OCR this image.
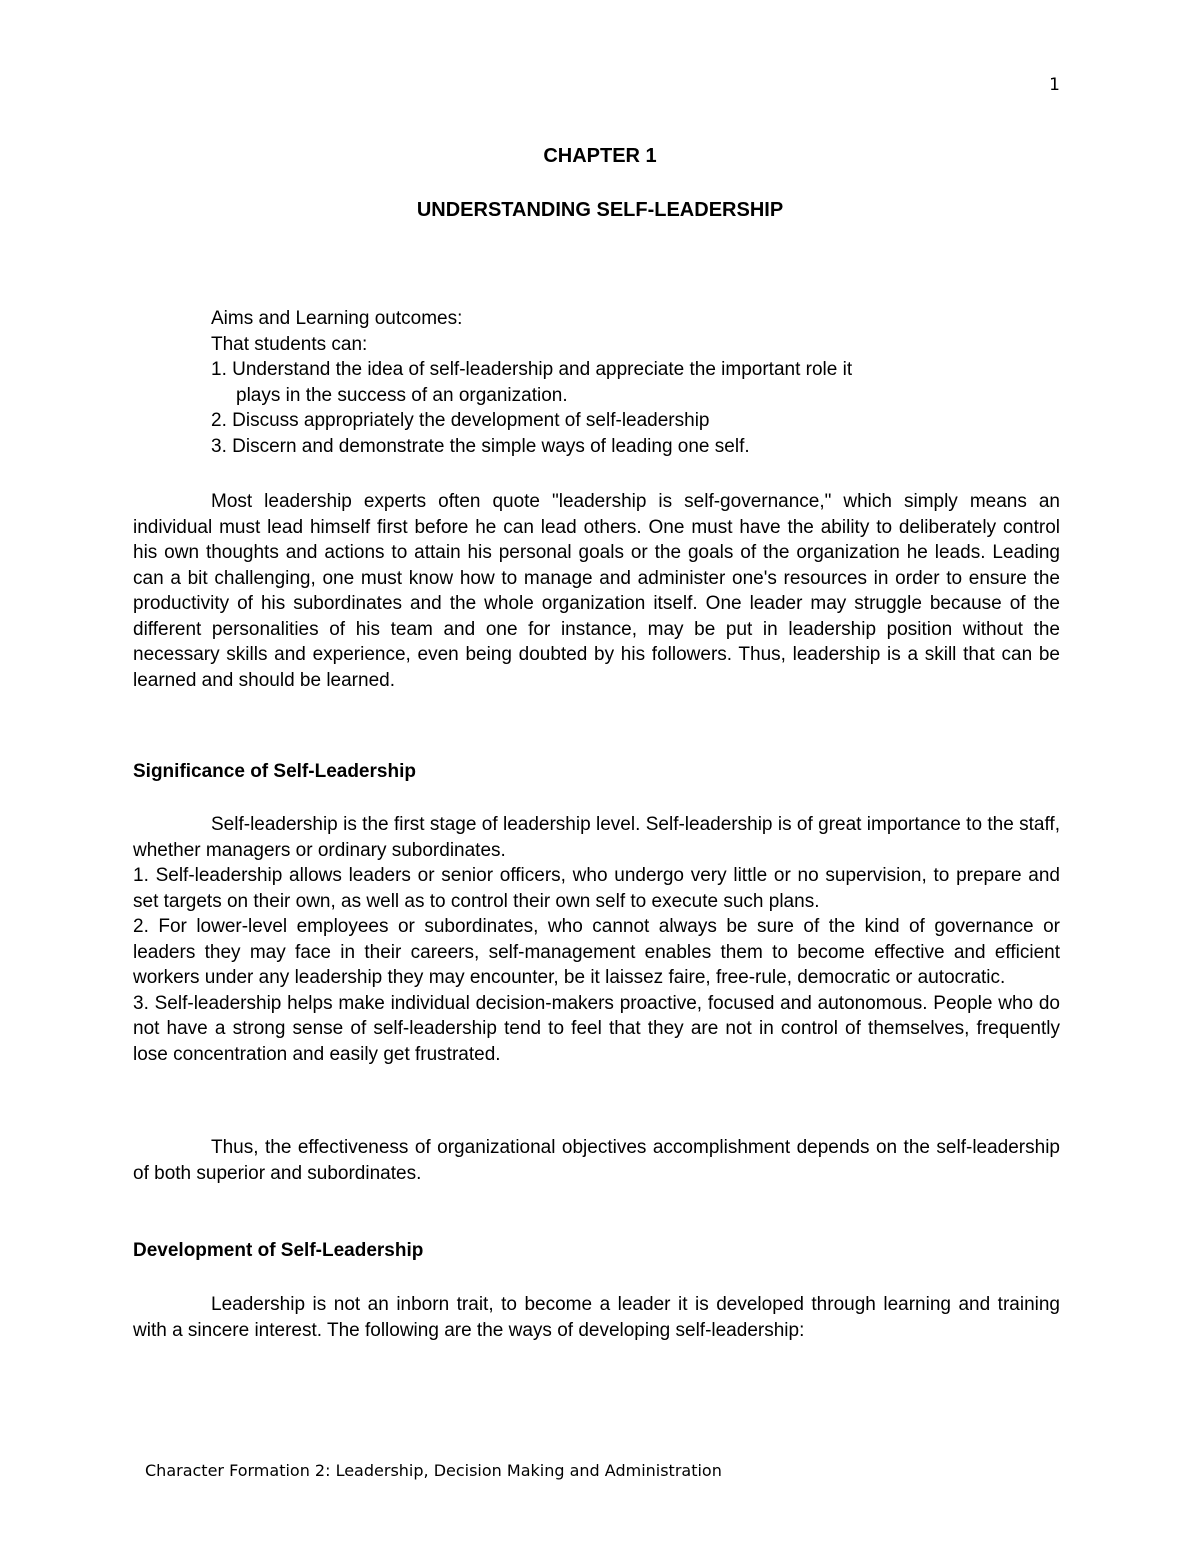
1
CHAPTER 1
UNDERSTANDING SELF-LEADERSHIP

Aims and Learning outcomes:

That students can:

1. Understand the idea of self-leadership and appreciate the important role it

plays in the success of an organization.

2. Discuss appropriately the development of self-leadership

3. Discern and demonstrate the simple ways of leading one self.

Most leadership experts often quote "leadership is self-governance," which simply means an individual must lead himself first before he can lead others. One must have the ability to deliberately control his own thoughts and actions to attain his personal goals or the goals of the organization he leads. Leading can a bit challenging, one must know how to manage and administer one's resources in order to ensure the productivity of his subordinates and the whole organization itself. One leader may struggle because of the different personalities of his team and one for instance, may be put in leadership position without the necessary skills and experience, even being doubted by his followers. Thus, leadership is a skill that can be learned and should be learned.

Significance of Self-Leadership

Self-leadership is the first stage of leadership level. Self-leadership is of great importance to the staff, whether managers or ordinary subordinates.

1. Self-leadership allows leaders or senior officers, who undergo very little or no supervision, to prepare and set targets on their own, as well as to control their own self to execute such plans.

2. For lower-level employees or subordinates, who cannot always be sure of the kind of governance or leaders they may face in their careers, self-management enables them to become effective and efficient workers under any leadership they may encounter, be it laissez faire, free-rule, democratic or autocratic.

3. Self-leadership helps make individual decision-makers proactive, focused and autonomous. People who do not have a strong sense of self-leadership tend to feel that they are not in control of themselves, frequently lose concentration and easily get frustrated.

Thus, the effectiveness of organizational objectives accomplishment depends on the self-leadership of both superior and subordinates.

Development of Self-Leadership

Leadership is not an inborn trait, to become a leader it is developed through learning and training with a sincere interest. The following are the ways of developing self-leadership:

Character Formation 2: Leadership, Decision Making and Administration
